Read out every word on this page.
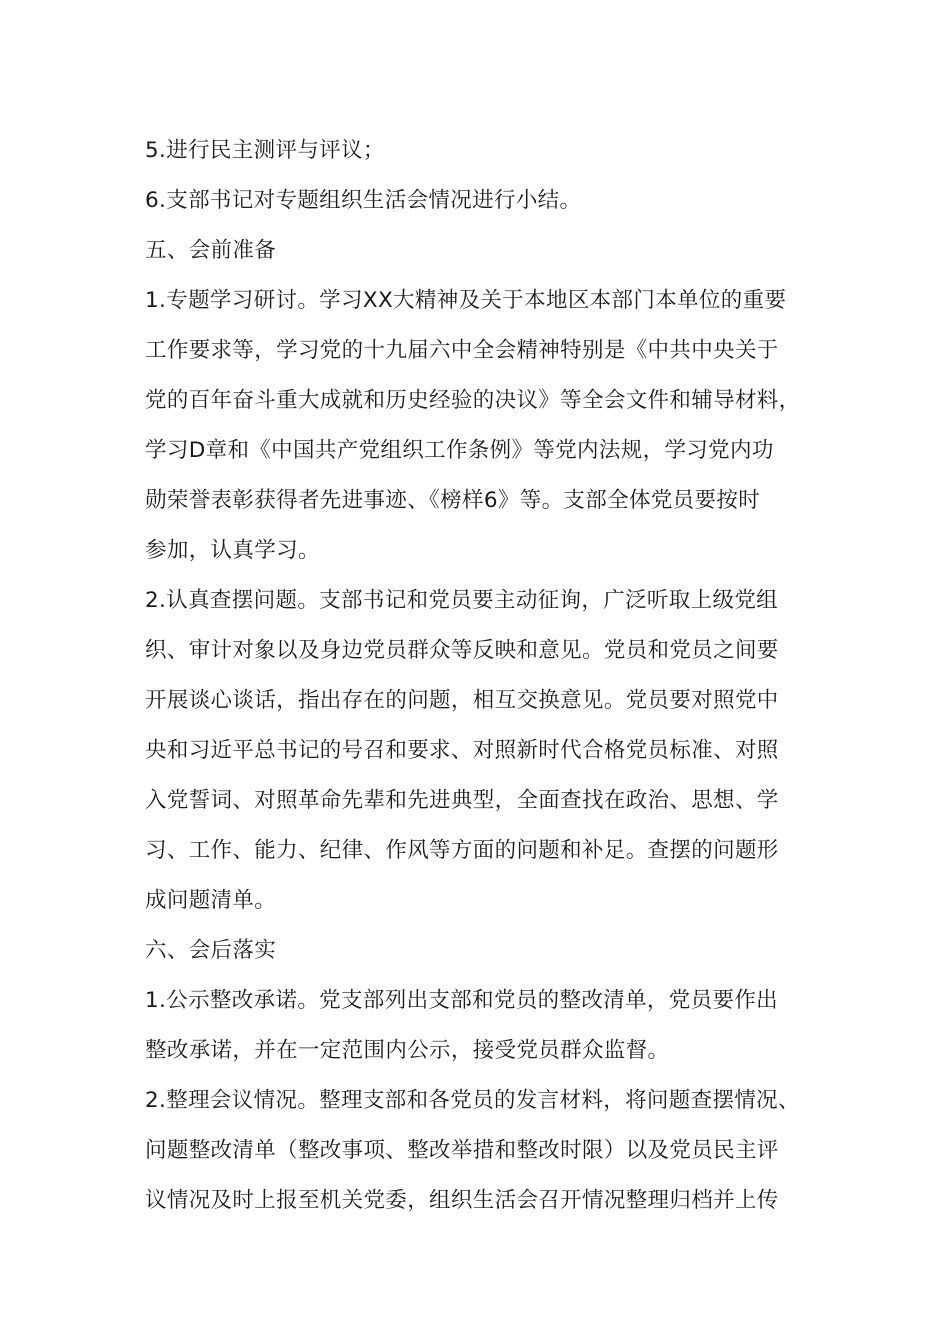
5.进行民主测评与评议；
6.支部书记对专题组织生活会情况进行小结。
五、会前准备
1.专题学习研讨。学习XX大精神及关于本地区本部门本单位的重要
工作要求等，学习党的十九届六中全会精神特别是《中共中央关于
党的百年奋斗重大成就和历史经验的决议》等全会文件和辅导材料，
学习D章和《中国共产党组织工作条例》等党内法规，学习党内功
勋荣誉表彰获得者先进事迹、《榜样6》等。支部全体党员要按时
参加，认真学习。
2.认真查摆问题。支部书记和党员要主动征询，广泛听取上级党组
织、审计对象以及身边党员群众等反映和意见。党员和党员之间要
开展谈心谈话，指出存在的问题，相互交换意见。党员要对照党中
央和习近平总书记的号召和要求、对照新时代合格党员标准、对照
入党誓词、对照革命先辈和先进典型，全面查找在政治、思想、学
习、工作、能力、纪律、作风等方面的问题和补足。查摆的问题形
成问题清单。
六、会后落实
1.公示整改承诺。党支部列出支部和党员的整改清单，党员要作出
整改承诺，并在一定范围内公示，接受党员群众监督。
2.整理会议情况。整理支部和各党员的发言材料，将问题查摆情况、
问题整改清单（整改事项、整改举措和整改时限）以及党员民主评
议情况及时上报至机关党委，组织生活会召开情况整理归档并上传
